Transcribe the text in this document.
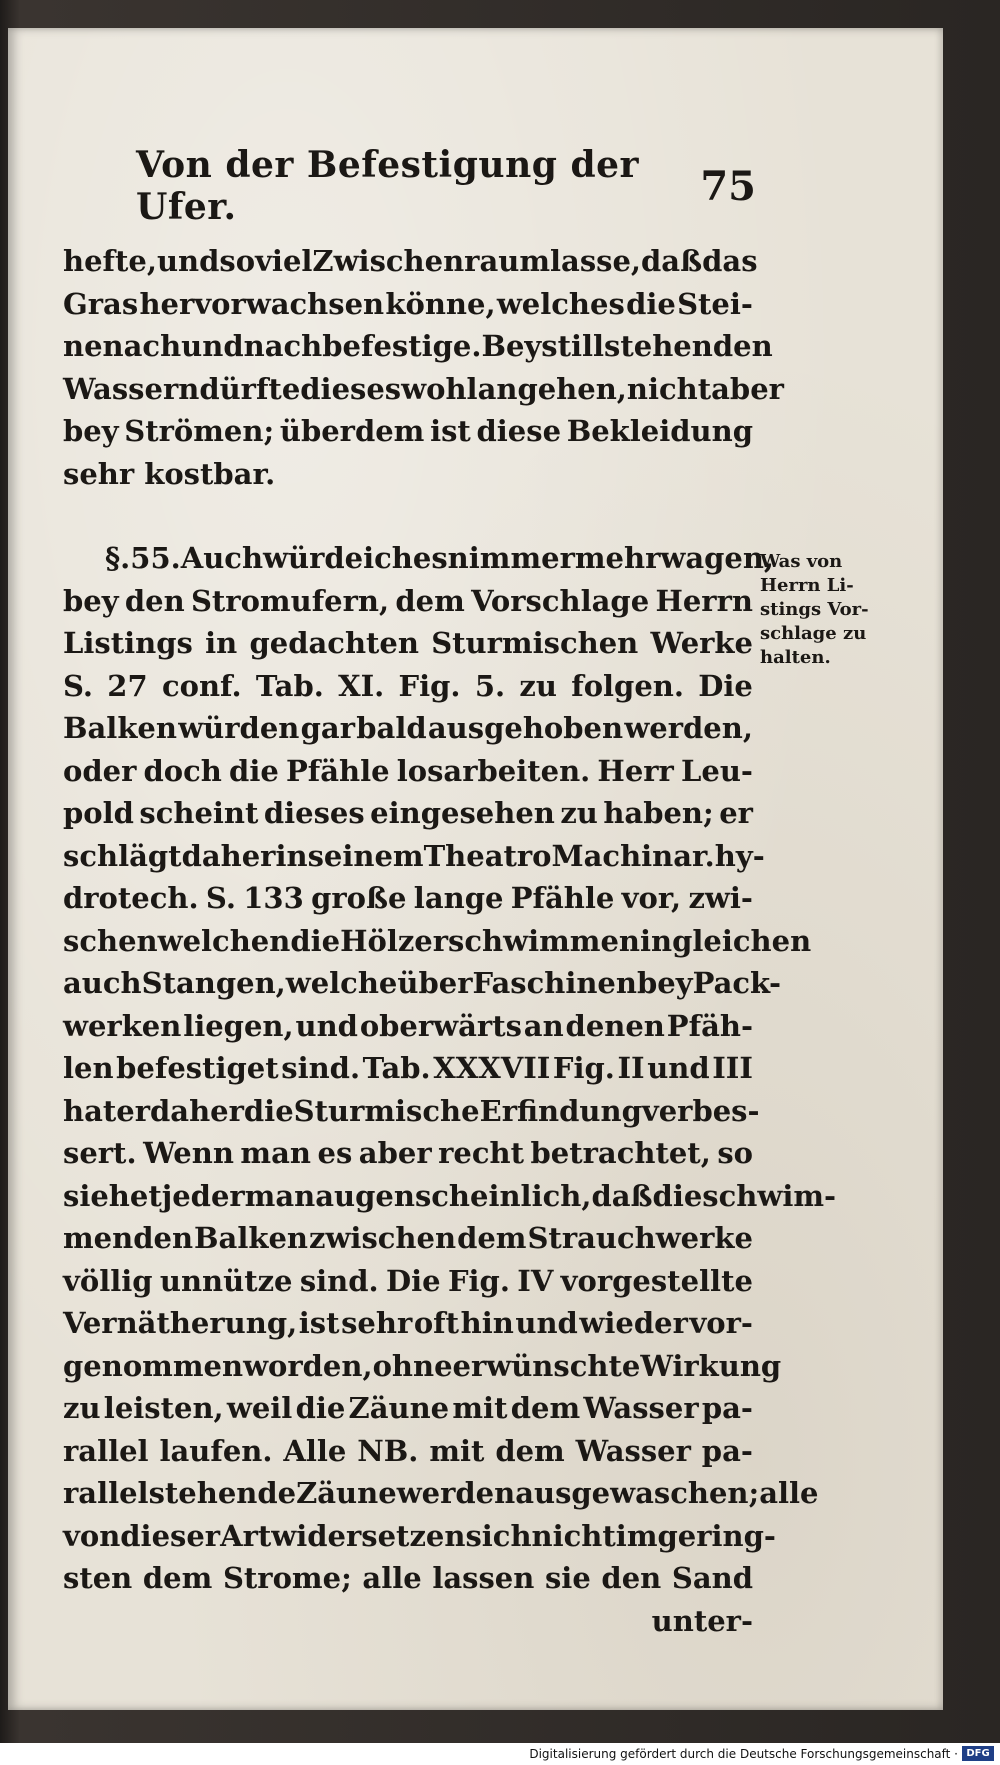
Von der Befestigung der Ufer.	75
hefte, und so viel Zwischenraum lasse, daß das
Gras hervorwachsen könne, welches die Stei-
ne nach und nach befestige. Bey stillstehenden
Wassern dürfte dieses wohl angehen, nicht aber
bey Strömen; überdem ist diese Bekleidung
sehr kostbar.
§. 55. Auch würde ich es nimmermehr wagen,
bey den Stromufern, dem Vorschlage Herrn
Listings in gedachten Sturmischen Werke
S. 27 conf. Tab. XI. Fig. 5. zu folgen. Die
Balken würden gar bald ausgehoben werden,
oder doch die Pfähle losarbeiten. Herr Leu-
pold scheint dieses eingesehen zu haben; er
schlägt daher in seinem Theatro Machinar. hy-
drotech. S. 133 große lange Pfähle vor, zwi-
schen welchen die Hölzer schwimmen ingleichen
auch Stangen, welche über Faschinen bey Pack-
werken liegen, und oberwärts an denen Pfäh-
len befestiget sind. Tab. XXXVII Fig. II und III
hat er daher die Sturmische Erfindung verbes-
sert. Wenn man es aber recht betrachtet, so
siehet jederman augenscheinlich, daß die schwim-
menden Balken zwischen dem Strauchwerke
völlig unnütze sind. Die Fig. IV vorgestellte
Vernätherung, ist sehr oft hin und wieder vor-
genommen worden, ohne erwünschte Wirkung
zu leisten, weil die Zäune mit dem Wasser pa-
rallel laufen. Alle NB. mit dem Wasser pa-
rallelstehende Zäune werden ausgewaschen; alle
von dieser Art widersetzen sich nicht im gering-
sten dem Strome; alle lassen sie den Sand
unter-
Was von
Herrn Li-
stings Vor-
schlage zu
halten.
Digitalisierung gefördert durch die Deutsche Forschungsgemeinschaft · DFG
